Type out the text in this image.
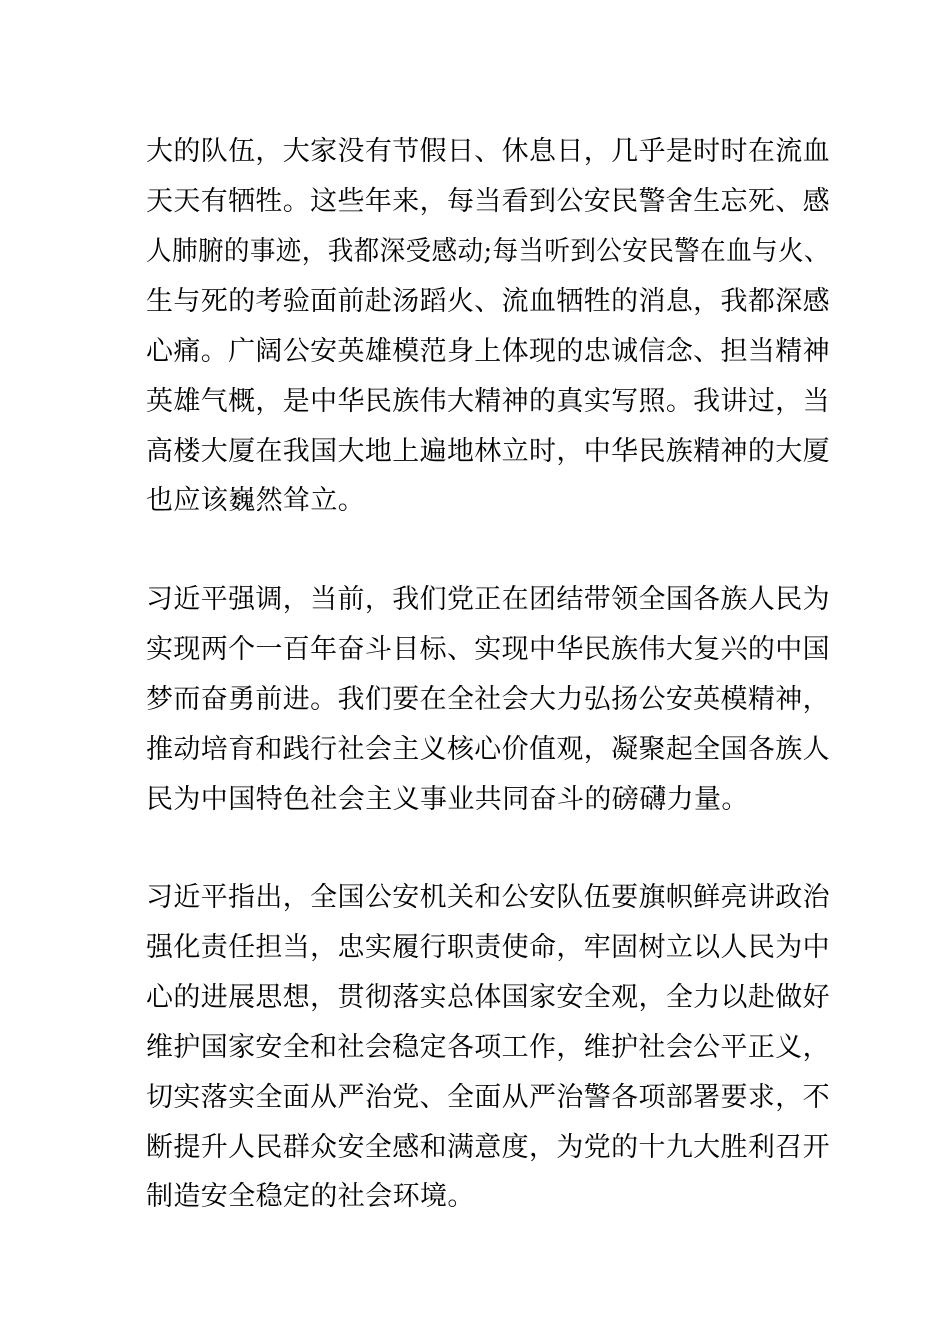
大的队伍，大家没有节假日、休息日，几乎是时时在流血

天天有牺牲。这些年来，每当看到公安民警舍生忘死、感

人肺腑的事迹，我都深受感动;每当听到公安民警在血与火、

生与死的考验面前赴汤蹈火、流血牺牲的消息，我都深感

心痛。广阔公安英雄模范身上体现的忠诚信念、担当精神

英雄气概，是中华民族伟大精神的真实写照。我讲过，当

高楼大厦在我国大地上遍地林立时，中华民族精神的大厦

也应该巍然耸立。

习近平强调，当前，我们党正在团结带领全国各族人民为

实现两个一百年奋斗目标、实现中华民族伟大复兴的中国

梦而奋勇前进。我们要在全社会大力弘扬公安英模精神，

推动培育和践行社会主义核心价值观，凝聚起全国各族人

民为中国特色社会主义事业共同奋斗的磅礴力量。

习近平指出，全国公安机关和公安队伍要旗帜鲜亮讲政治

强化责任担当，忠实履行职责使命，牢固树立以人民为中

心的进展思想，贯彻落实总体国家安全观，全力以赴做好

维护国家安全和社会稳定各项工作，维护社会公平正义，

切实落实全面从严治党、全面从严治警各项部署要求，不

断提升人民群众安全感和满意度，为党的十九大胜利召开

制造安全稳定的社会环境。
